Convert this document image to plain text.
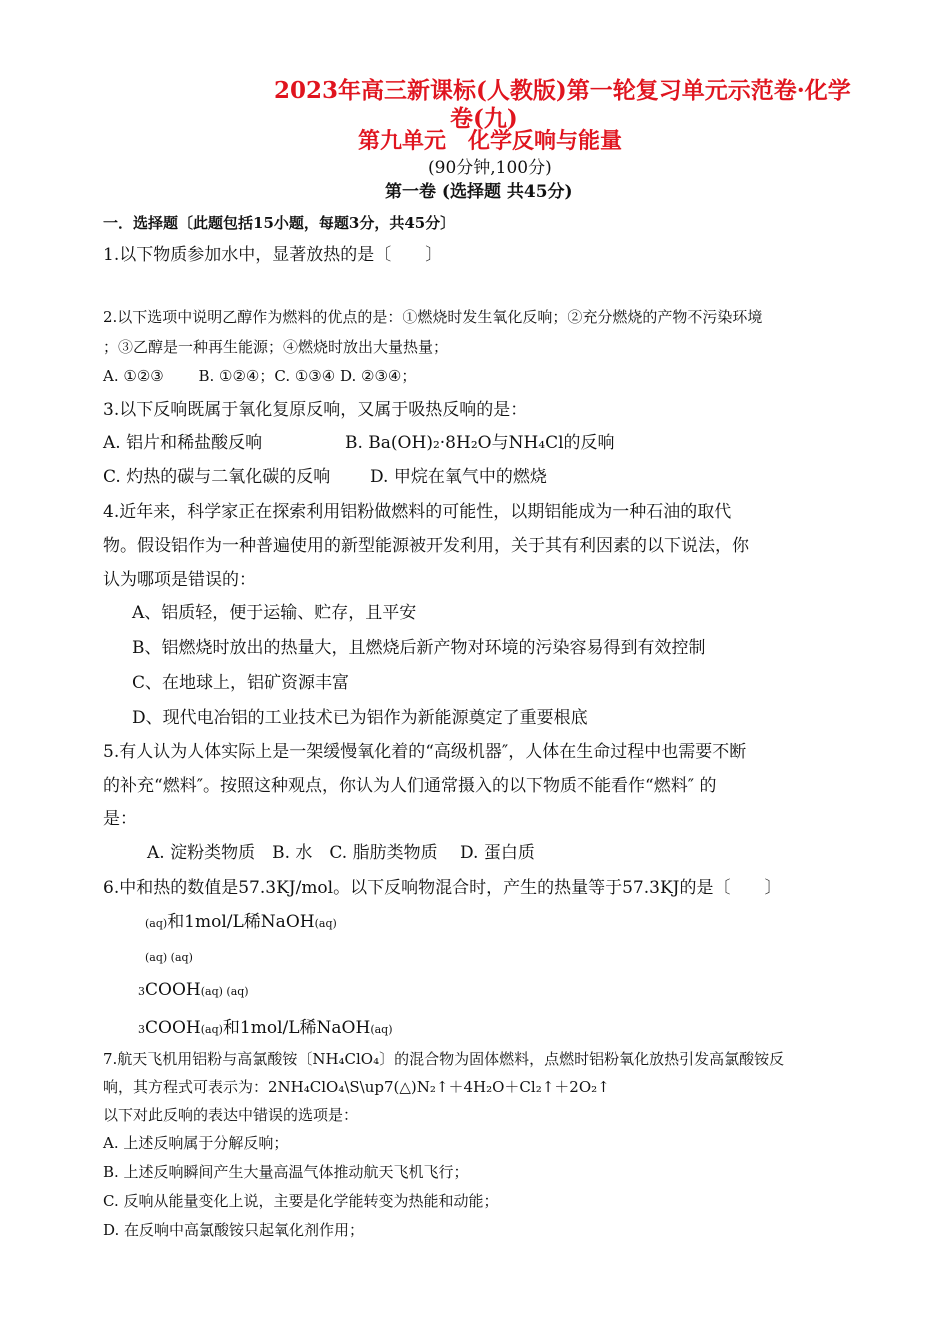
2023年高三新课标(人教版)第一轮复习单元示范卷·化学
卷(九)
第九单元　化学反响与能量
(90分钟,100分)
第一卷 (选择题 共45分)
一．选择题〔此题包括15小题，每题3分，共45分〕
1.以下物质参加水中，显著放热的是〔　　〕
2.以下选项中说明乙醇作为燃料的优点的是：①燃烧时发生氧化反响；②充分燃烧的产物不污染环境
；③乙醇是一种再生能源；④燃烧时放出大量热量；
A. ①②③　　 B. ①②④；C. ①③④ D. ②③④；
3.以下反响既属于氧化复原反响，又属于吸热反响的是：
A. 铝片和稀盐酸反响	B. Ba(OH)₂·8H₂O与NH₄Cl的反响
C. 灼热的碳与二氧化碳的反响 D. 甲烷在氧气中的燃烧
4.近年来，科学家正在探索利用铝粉做燃料的可能性，以期铝能成为一种石油的取代
物。假设铝作为一种普遍使用的新型能源被开发利用，关于其有利因素的以下说法，你
认为哪项是错误的：
A、铝质轻，便于运输、贮存，且平安
B、铝燃烧时放出的热量大，且燃烧后新产物对环境的污染容易得到有效控制
C、在地球上，铝矿资源丰富
D、现代电冶铝的工业技术已为铝作为新能源奠定了重要根底
5.有人认为人体实际上是一架缓慢氧化着的“高级机器″，人体在生命过程中也需要不断
的补充“燃料″。按照这种观点，你认为人们通常摄入的以下物质不能看作“燃料″ 的
是：
A. 淀粉类物质　B. 水　C. 脂肪类物质　 D. 蛋白质
6.中和热的数值是57.3KJ/mol。以下反响物混合时，产生的热量等于57.3KJ的是〔　　〕
(aq)和1mol/L稀NaOH(aq)
(aq) (aq)
3COOH(aq) (aq)
3COOH(aq)和1mol/L稀NaOH(aq)
7.航天飞机用铝粉与高氯酸铵〔NH₄ClO₄〕的混合物为固体燃料，点燃时铝粉氧化放热引发高氯酸铵反
响，其方程式可表示为：2NH₄ClO₄\S\up7(△)N₂↑＋4H₂O＋Cl₂↑＋2O₂↑
以下对此反响的表达中错误的选项是：
A. 上述反响属于分解反响；
B. 上述反响瞬间产生大量高温气体推动航天飞机飞行；
C. 反响从能量变化上说，主要是化学能转变为热能和动能；
D. 在反响中高氯酸铵只起氧化剂作用；
